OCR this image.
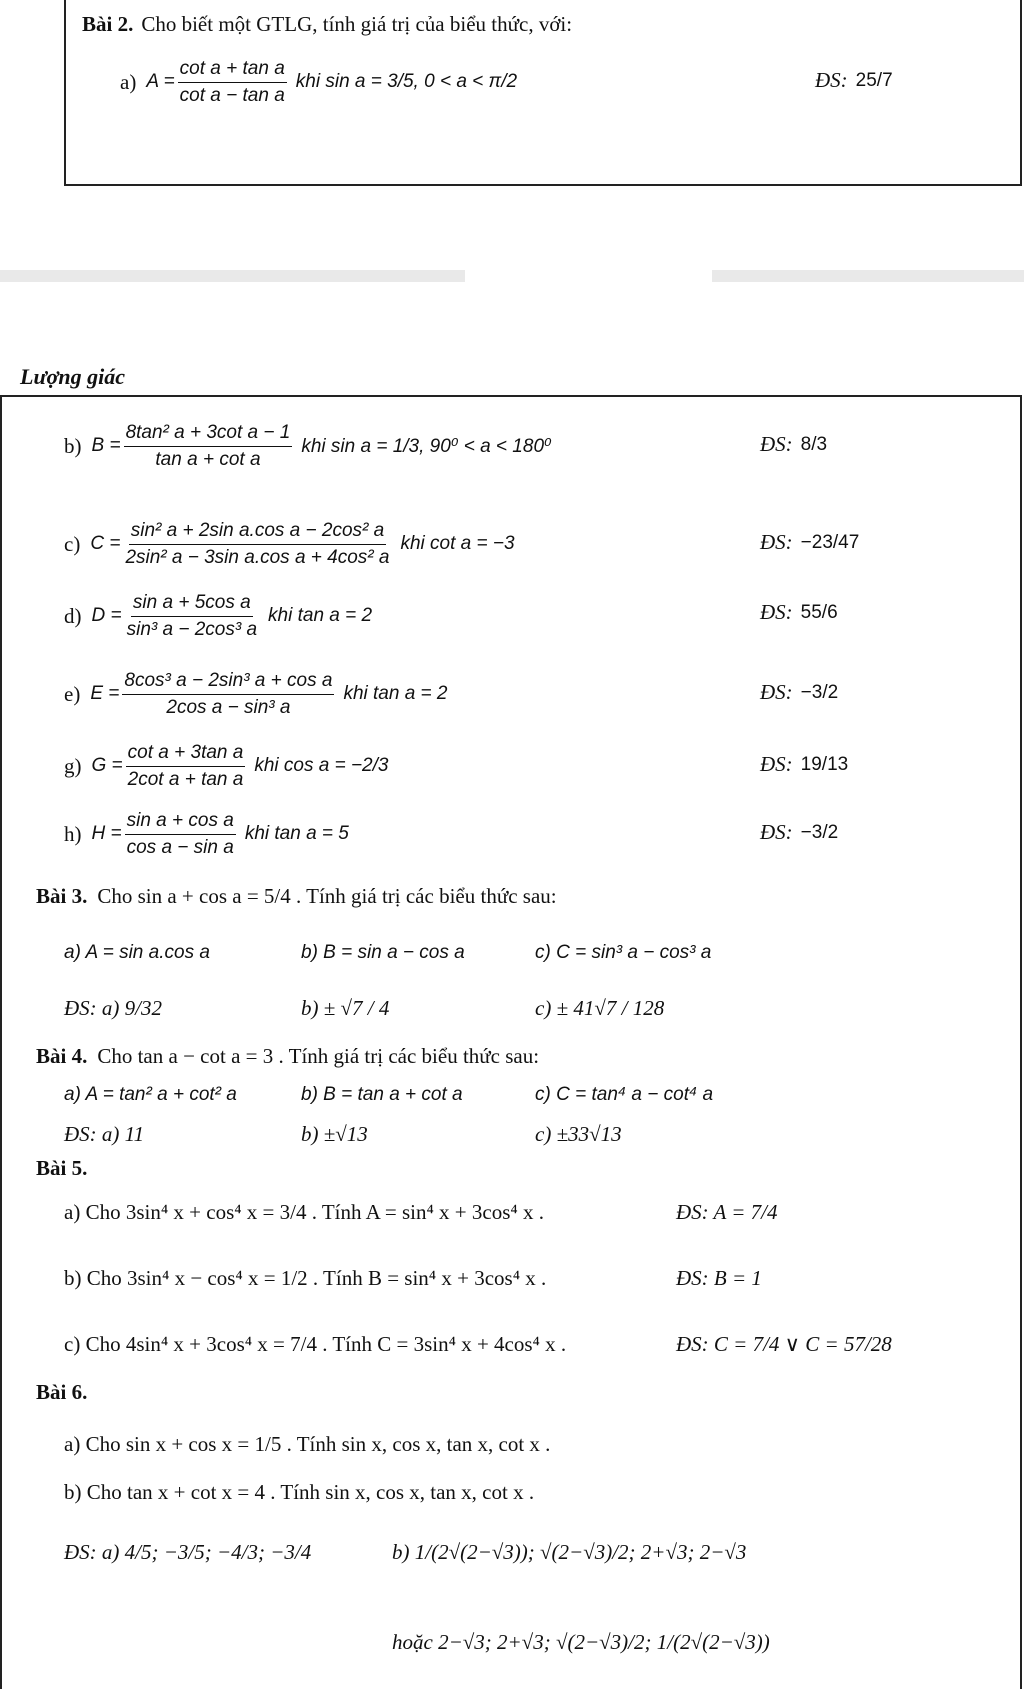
Bài 2. Cho biết một GTLG, tính giá trị của biểu thức, với:
a) $A = \frac{\text{cot a + tan a}}{\text{cot a − tan a}}$ khi sin a = 3/5, 0 < a < π/2	ĐS: 25/7
Lượng giác
b) $B = \frac{\text{8tan² a + 3cot a − 1}}{\text{tan a + cot a}}$ khi sin a = 1/3, 90⁰ < a < 180⁰	ĐS: 8/3
c) $C = \frac{\text{sin² a + 2sin a.cos a − 2cos² a}}{\text{2sin² a − 3sin a.cos a + 4cos² a}}$ khi cot a = −3	ĐS: −23/47
d) $D = \frac{\text{sin a + 5cos a}}{\text{sin³ a − 2cos³ a}}$ khi tan a = 2	ĐS: 55/6
e) $E = \frac{\text{8cos³ a − 2sin³ a + cos a}}{\text{2cos a − sin³ a}}$ khi tan a = 2	ĐS: −3/2
g) $G = \frac{\text{cot a + 3tan a}}{\text{2cot a + tan a}}$ khi cos a = −2/3	ĐS: 19/13
h) $H = \frac{\text{sin a + cos a}}{\text{cos a − sin a}}$ khi tan a = 5	ĐS: −3/2
Bài 3. Cho sin a + cos a = 5/4 . Tính giá trị các biểu thức sau:
a) A = sin a.cos a	b) B = sin a − cos a	c) C = sin³ a − cos³ a
ĐS: a) 9/32	b) ± √7 / 4	c) ± 41√7 / 128
Bài 4. Cho tan a − cot a = 3 . Tính giá trị các biểu thức sau:
a) A = tan² a + cot² a	b) B = tan a + cot a	c) C = tan⁴ a − cot⁴ a
ĐS: a) 11	b) ±√13	c) ±33√13
Bài 5.
a) Cho 3sin⁴ x + cos⁴ x = 3/4 . Tính A = sin⁴ x + 3cos⁴ x .	ĐS: A = 7/4
b) Cho 3sin⁴ x − cos⁴ x = 1/2 . Tính B = sin⁴ x + 3cos⁴ x .	ĐS: B = 1
c) Cho 4sin⁴ x + 3cos⁴ x = 7/4 . Tính C = 3sin⁴ x + 4cos⁴ x .	ĐS: C = 7/4 ∨ C = 57/28
Bài 6.
a) Cho sin x + cos x = 1/5 . Tính sin x, cos x, tan x, cot x .
b) Cho tan x + cot x = 4 . Tính sin x, cos x, tan x, cot x .
ĐS: a) 4/5; −3/5; −4/3; −3/4	b) 1/(2√(2−√3)); √(2−√3)/2; 2+√3; 2−√3
hoặc 2−√3; 2+√3; √(2−√3)/2; 1/(2√(2−√3))
